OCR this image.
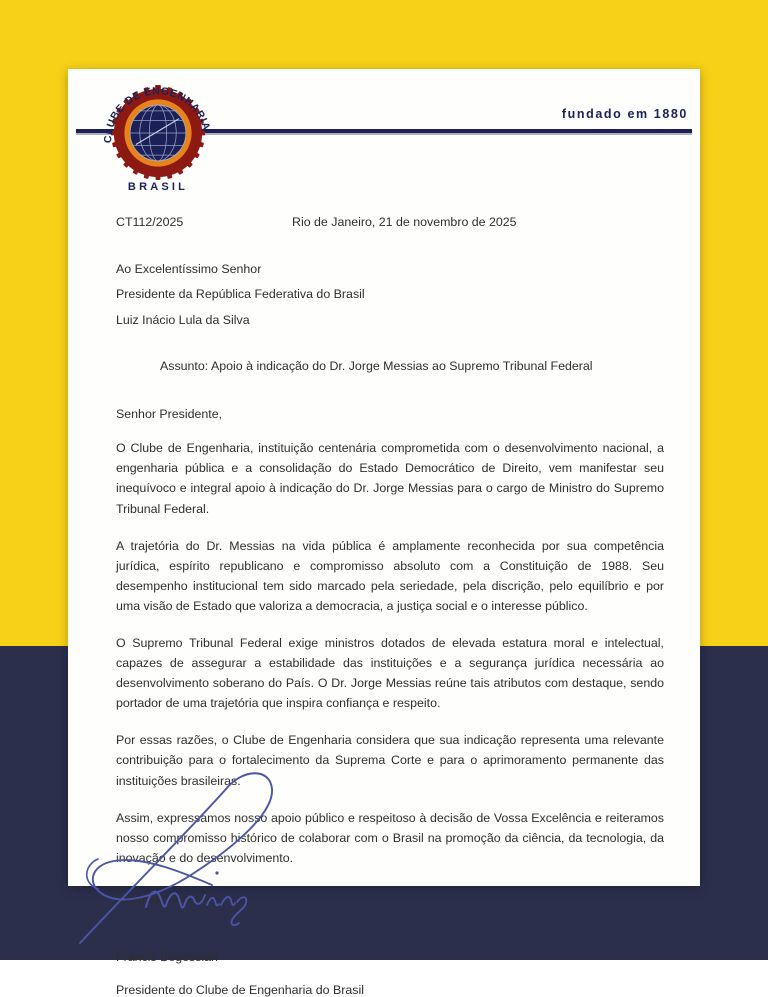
CLUBE DE ENGENHARIA
BRASIL
fundado em 1880
CT112/2025	Rio de Janeiro, 21 de novembro de 2025
Ao Excelentíssimo Senhor
Presidente da República Federativa do Brasil
Luiz Inácio Lula da Silva
Assunto: Apoio à indicação do Dr. Jorge Messias ao Supremo Tribunal Federal
Senhor Presidente,

O Clube de Engenharia, instituição centenária comprometida com o desenvolvimento nacional, a engenharia pública e a consolidação do Estado Democrático de Direito, vem manifestar seu inequívoco e integral apoio à indicação do Dr. Jorge Messias para o cargo de Ministro do Supremo Tribunal Federal.

A trajetória do Dr. Messias na vida pública é amplamente reconhecida por sua competência jurídica, espírito republicano e compromisso absoluto com a Constituição de 1988. Seu desempenho institucional tem sido marcado pela seriedade, pela discrição, pelo equilíbrio e por uma visão de Estado que valoriza a democracia, a justiça social e o interesse público.

O Supremo Tribunal Federal exige ministros dotados de elevada estatura moral e intelectual, capazes de assegurar a estabilidade das instituições e a segurança jurídica necessária ao desenvolvimento soberano do País. O Dr. Jorge Messias reúne tais atributos com destaque, sendo portador de uma trajetória que inspira confiança e respeito.

Por essas razões, o Clube de Engenharia considera que sua indicação representa uma relevante contribuição para o fortalecimento da Suprema Corte e para o aprimoramento permanente das instituições brasileiras.

Assim, expressamos nosso apoio público e respeitoso à decisão de Vossa Excelência e reiteramos nosso compromisso histórico de colaborar com o Brasil na promoção da ciência, da tecnologia, da inovação e do desenvolvimento.

Respeitosamente,
Fráncis Bogossian
Presidente do Clube de Engenharia do Brasil
